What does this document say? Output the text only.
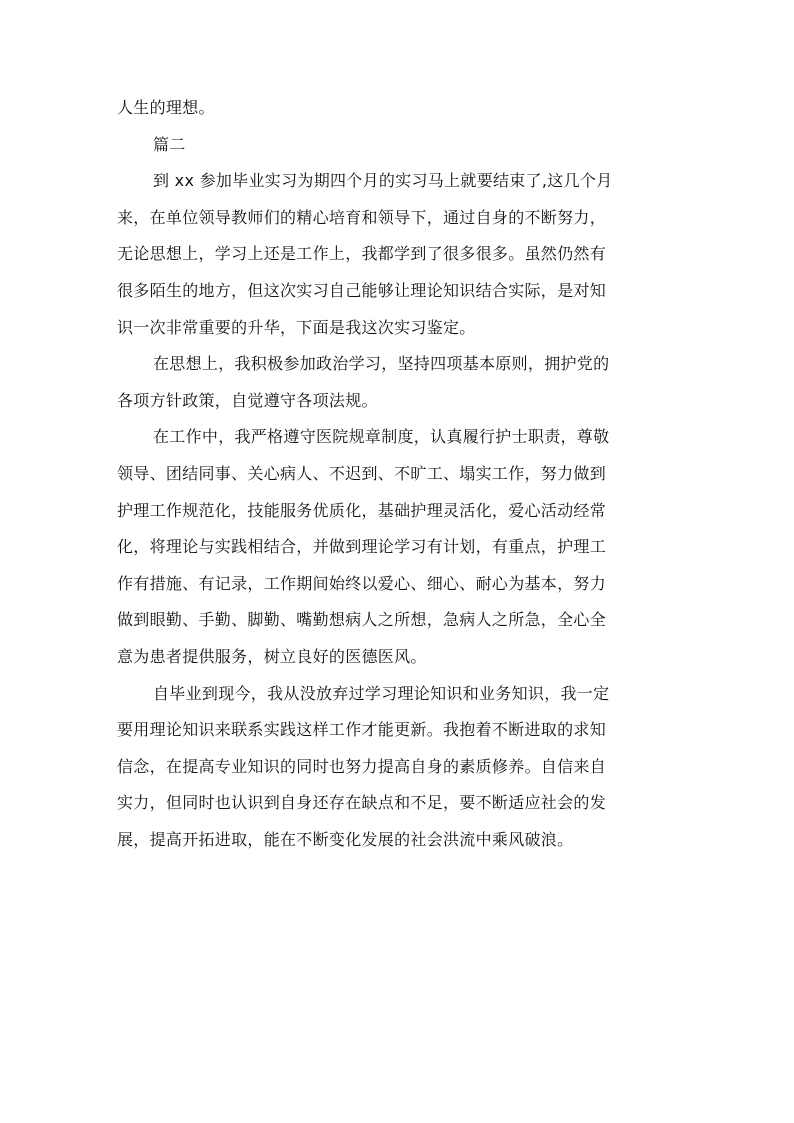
人生的理想。
篇二
到 xx 参加毕业实习为期四个月的实习马上就要结束了,这几个月
来，在单位领导教师们的精心培育和领导下，通过自身的不断努力，
无论思想上，学习上还是工作上，我都学到了很多很多。虽然仍然有
很多陌生的地方，但这次实习自己能够让理论知识结合实际，是对知
识一次非常重要的升华，下面是我这次实习鉴定。
在思想上，我积极参加政治学习，坚持四项基本原则，拥护党的
各项方针政策，自觉遵守各项法规。
在工作中，我严格遵守医院规章制度，认真履行护士职责，尊敬
领导、团结同事、关心病人、不迟到、不旷工、塌实工作，努力做到
护理工作规范化，技能服务优质化，基础护理灵活化，爱心活动经常
化，将理论与实践相结合，并做到理论学习有计划，有重点，护理工
作有措施、有记录，工作期间始终以爱心、细心、耐心为基本，努力
做到眼勤、手勤、脚勤、嘴勤想病人之所想，急病人之所急，全心全
意为患者提供服务，树立良好的医德医风。
自毕业到现今，我从没放弃过学习理论知识和业务知识，我一定
要用理论知识来联系实践这样工作才能更新。我抱着不断进取的求知
信念，在提高专业知识的同时也努力提高自身的素质修养。自信来自
实力，但同时也认识到自身还存在缺点和不足，要不断适应社会的发
展，提高开拓进取，能在不断变化发展的社会洪流中乘风破浪。
